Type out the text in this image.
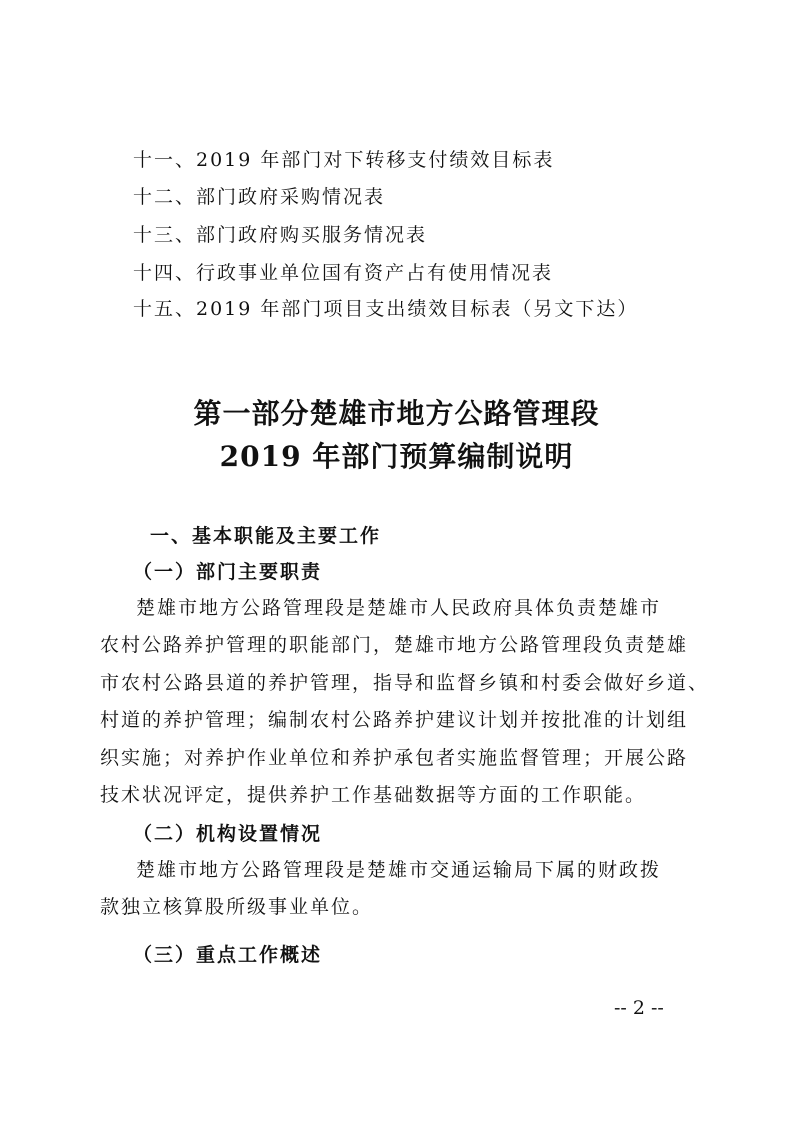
十一、2019 年部门对下转移支付绩效目标表
十二、部门政府采购情况表
十三、部门政府购买服务情况表
十四、行政事业单位国有资产占有使用情况表
十五、2019 年部门项目支出绩效目标表（另文下达）
第一部分楚雄市地方公路管理段
2019 年部门预算编制说明
一、基本职能及主要工作
（一）部门主要职责
楚雄市地方公路管理段是楚雄市人民政府具体负责楚雄市
农村公路养护管理的职能部门，楚雄市地方公路管理段负责楚雄
市农村公路县道的养护管理，指导和监督乡镇和村委会做好乡道、
村道的养护管理；编制农村公路养护建议计划并按批准的计划组
织实施；对养护作业单位和养护承包者实施监督管理；开展公路
技术状况评定，提供养护工作基础数据等方面的工作职能。
（二）机构设置情况
楚雄市地方公路管理段是楚雄市交通运输局下属的财政拨
款独立核算股所级事业单位。
（三）重点工作概述
-- 2 --
